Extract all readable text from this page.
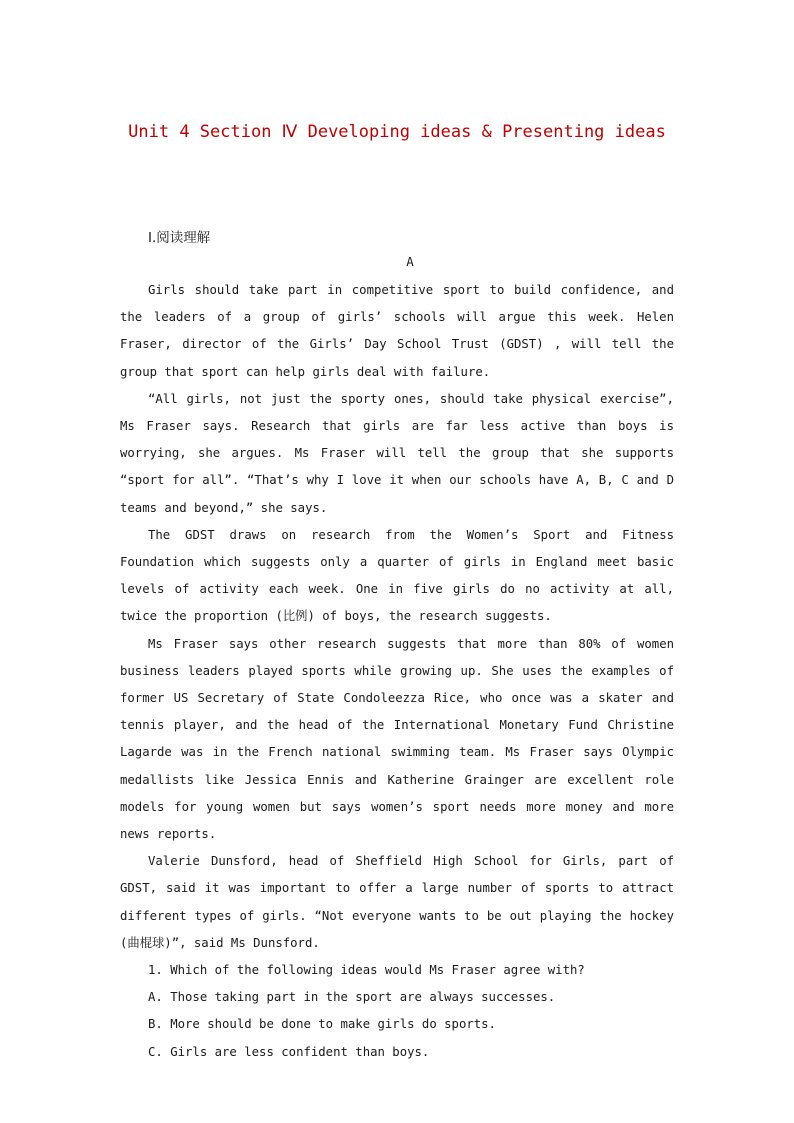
Unit 4 Section Ⅳ Developing ideas & Presenting ideas
Ⅰ.阅读理解
A

Girls should take part in competitive sport to build confidence, and the leaders of a group of girls’ schools will argue this week. Helen Fraser, director of the Girls’ Day School Trust (GDST) , will tell the group that sport can help girls deal with failure.

“All girls, not just the sporty ones, should take physical exercise”, Ms Fraser says. Research that girls are far less active than boys is worrying, she argues. Ms Fraser will tell the group that she supports “sport for all”. “That’s why I love it when our schools have A, B, C and D teams and beyond,” she says.

The GDST draws on research from the Women’s Sport and Fitness Foundation which suggests only a quarter of girls in England meet basic levels of activity each week. One in five girls do no activity at all, twice the proportion (比例) of boys, the research suggests.

Ms Fraser says other research suggests that more than 80% of women business leaders played sports while growing up. She uses the examples of former US Secretary of State Condoleezza Rice, who once was a skater and tennis player, and the head of the International Monetary Fund Christine Lagarde was in the French national swimming team. Ms Fraser says Olympic medallists like Jessica Ennis and Katherine Grainger are excellent role models for young women but says women’s sport needs more money and more news reports.

Valerie Dunsford, head of Sheffield High School for Girls, part of GDST, said it was important to offer a large number of sports to attract different types of girls. “Not everyone wants to be out playing the hockey (曲棍球)”, said Ms Dunsford.

1. Which of the following ideas would Ms Fraser agree with?

A. Those taking part in the sport are always successes.

B. More should be done to make girls do sports.

C. Girls are less confident than boys.
